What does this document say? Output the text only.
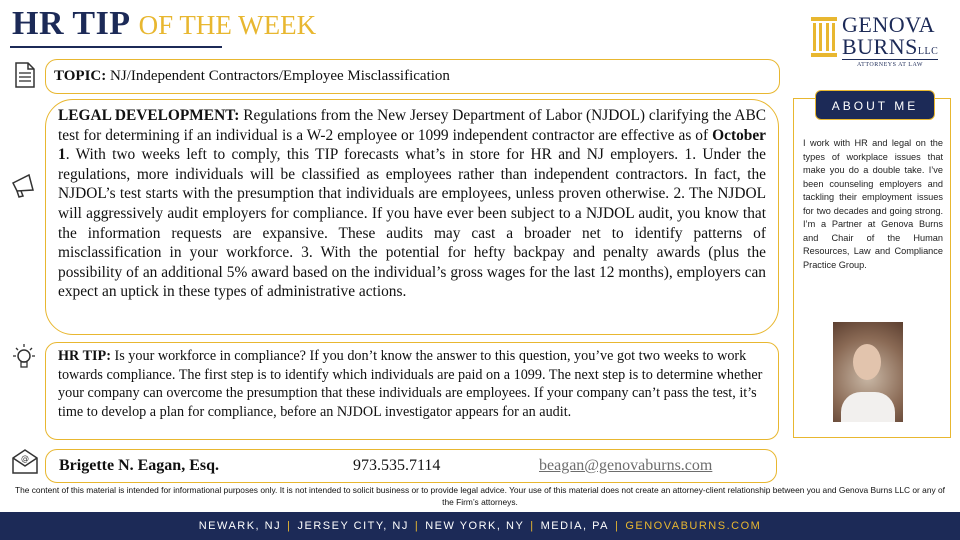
HR TIP OF THE WEEK	GENOVA
BURNSLLC
ATTORNEYS AT LAW
@
TOPIC: NJ/Independent Contractors/Employee Misclassification
LEGAL DEVELOPMENT: Regulations from the New Jersey Department of Labor (NJDOL) clarifying the ABC test for determining if an individual is a W-2 employee or 1099 independent contractor are effective as of October 1. With two weeks left to comply, this TIP forecasts what’s in store for HR and NJ employers. 1. Under the regulations, more individuals will be classified as employees rather than independent contractors. In fact, the NJDOL’s test starts with the presumption that individuals are employees, unless proven otherwise. 2. The NJDOL will aggressively audit employers for compliance. If you have ever been subject to a NJDOL audit, you know that the information requests are expansive. These audits may cast a broader net to identify patterns of misclassification in your workforce. 3. With the potential for hefty backpay and penalty awards (plus the possibility of an additional 5% award based on the individual’s gross wages for the last 12 months), employers can expect an uptick in these types of administrative actions.
HR TIP: Is your workforce in compliance? If you don’t know the answer to this question, you’ve got two weeks to work towards compliance. The first step is to identify which individuals are paid on a 1099. The next step is to determine whether your company can overcome the presumption that these individuals are employees. If your company can’t pass the test, it’s time to develop a plan for compliance, before an NJDOL investigator appears for an audit.
Brigette N. Eagan, Esq.	973.535.7114	beagan@genovaburns.com
ABOUT ME
I work with HR and legal on the types of workplace issues that make you do a double take. I’ve been counseling employers and tackling their employment issues for two decades and going strong. I’m a Partner at Genova Burns and Chair of the Human Resources, Law and Compliance Practice Group.
The content of this material is intended for informational purposes only. It is not intended to solicit business or to provide legal advice. Your use of this material does not create an attorney-client relationship between you and Genova Burns LLC or any of the Firm’s attorneys.
NEWARK, NJ | JERSEY CITY, NJ | NEW YORK, NY | MEDIA, PA | GENOVABURNS.COM
